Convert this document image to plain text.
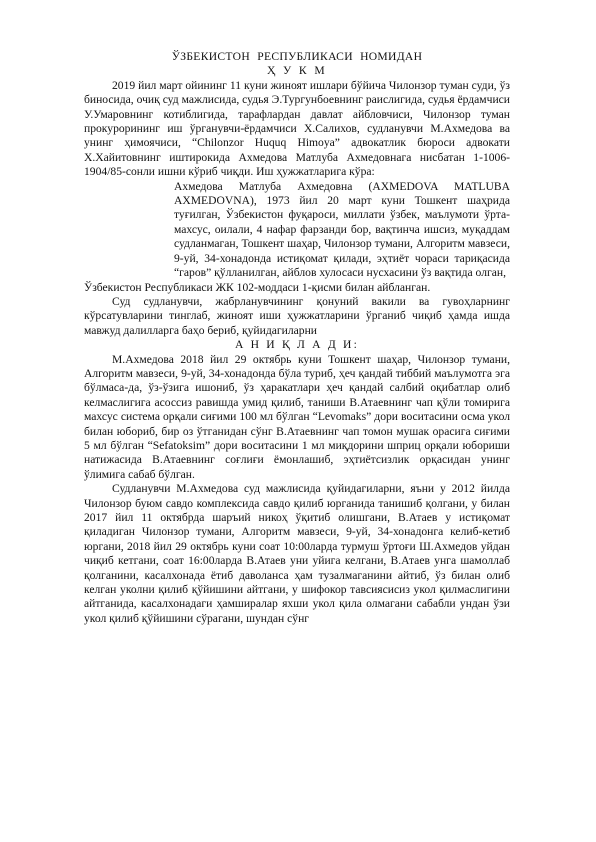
ЎЗБЕКИСТОН РЕСПУБЛИКАСИ НОМИДАН
Ҳ У К М

2019 йил март ойининг 11 куни жиноят ишлари бўйича Чилонзор туман суди, ўз биносида, очиқ суд мажлисида, судья Э.Тургунбоевнинг раислигида, судья ёрдамчиси У.Умаровнинг котиблигида, тарафлардан давлат айбловчиси, Чилонзор туман прокурорининг иш ўрганувчи-ёрдамчиси Х.Салихов, судланувчи М.Ахмедова ва унинг ҳимоячиси, “Chilonzor Huquq Himoya” адвокатлик бюроси адвокати Х.Хайитовнинг иштирокида Ахмедова Матлуба Ахмедовнага нисбатан 1-1006-1904/85-сонли ишни кўриб чиқди. Иш ҳужжатларига кўра:

Ахмедова Матлуба Ахмедовна (AXMEDOVA MATLUBA AXMEDOVNA), 1973 йил 20 март куни Тошкент шаҳрида туғилган, Ўзбекистон фуқароси, миллати ўзбек, маълумоти ўрта-махсус, оилали, 4 нафар фарзанди бор, вақтинча ишсиз, муқаддам судланмаган, Тошкент шаҳар, Чилонзор тумани, Алгоритм мавзеси, 9-уй, 34-хонадонда истиқомат қилади, эҳтиёт чораси тариқасида “гаров” қўлланилган, айблов хулосаси нусхасини ўз вақтида олган,

Ўзбекистон Республикаси ЖК 102-моддаси 1-қисми билан айбланган.

Суд судланувчи, жабрланувчининг қонуний вакили ва гувоҳларнинг кўрсатувларини тинглаб, жиноят иши ҳужжатларини ўрганиб чиқиб ҳамда ишда мавжуд далилларга баҳо бериб, қуйидагиларни

А Н И Қ Л А Д И:

М.Ахмедова 2018 йил 29 октябрь куни Тошкент шаҳар, Чилонзор тумани, Алгоритм мавзеси, 9-уй, 34-хонадонда бўла туриб, ҳеч қандай тиббий маълумотга эга бўлмаса-да, ўз-ўзига ишониб, ўз ҳаракатлари ҳеч қандай салбий оқибатлар олиб келмаслигига асоссиз равишда умид қилиб, таниши В.Атаевнинг чап қўли томирига махсус система орқали сиғими 100 мл бўлган “Levomaks” дори воситасини осма укол билан юбориб, бир оз ўтганидан сўнг В.Атаевнинг чап томон мушак орасига сиғими 5 мл бўлган “Sefatoksim” дори воситасини 1 мл миқдорини шприц орқали юбориши натижасида В.Атаевнинг соғлиғи ёмонлашиб, эҳтиётсизлик орқасидан унинг ўлимига сабаб бўлган.

Судланувчи М.Ахмедова суд мажлисида қуйидагиларни, яъни у 2012 йилда Чилонзор буюм савдо комплексида савдо қилиб юрганида танишиб қолгани, у билан 2017 йил 11 октябрда шаръий никоҳ ўқитиб олишгани, В.Атаев у истиқомат қиладиган Чилонзор тумани, Алгоритм мавзеси, 9-уй, 34-хонадонга келиб-кетиб юргани, 2018 йил 29 октябрь куни соат 10:00ларда турмуш ўртоғи Ш.Ахмедов уйдан чиқиб кетгани, соат 16:00ларда В.Атаев уни уйига келгани, В.Атаев унга шамоллаб қолганини, касалхонада ётиб даволанса ҳам тузалмаганини айтиб, ўз билан олиб келган уколни қилиб қўйишини айтгани, у шифокор тавсиясисиз укол қилмаслигини айтганида, касалхонадаги ҳамширалар яхши укол қила олмагани сабабли ундан ўзи укол қилиб қўйишини сўрагани, шундан сўнг
